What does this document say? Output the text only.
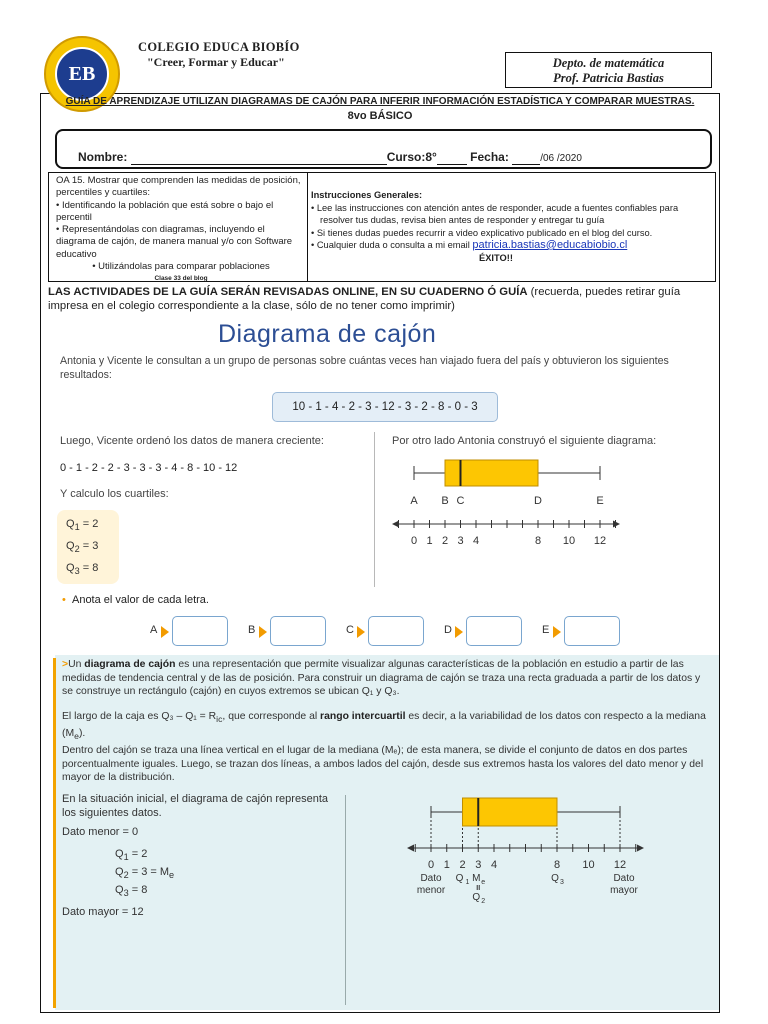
EB
COLEGIO EDUCA BIOBÍO
"Creer, Formar y Educar"	Depto. de matemática
Prof. Patricia Bastias
GUÍA DE APRENDIZAJE UTILIZAN DIAGRAMAS DE CAJÓN PARA INFERIR INFORMACIÓN ESTADÍSTICA Y COMPARAR MUESTRAS.
8vo BÁSICO
Nombre:	Curso:8°	Fecha:	/06 /2020
OA 15. Mostrar que comprenden las medidas de posición, percentiles y cuartiles:
• Identificando la población que está sobre o bajo el percentil
• Representándolas con diagramas, incluyendo el diagrama de cajón, de manera manual y/o con Software educativo
• Utilizándolas para comparar poblaciones
Clase 33 del blog
Instrucciones Generales:
• Lee las instrucciones con atención antes de responder, acude a fuentes confiables para resolver tus dudas, revisa bien antes de responder y entregar tu guía
• Si tienes dudas puedes recurrir a video explicativo publicado en el blog del curso.
• Cualquier duda o consulta a mi email patricia.bastias@educabiobio.cl
ÉXITO!!
LAS ACTIVIDADES DE LA GUÍA SERÁN REVISADAS ONLINE, EN SU CUADERNO Ó GUÍA (recuerda, puedes retirar guía impresa en el colegio correspondiente a la clase, sólo de no tener como imprimir)
Diagrama de cajón
Antonia y Vicente le consultan a un grupo de personas sobre cuántas veces han viajado fuera del país y obtuvieron los siguientes resultados:
10 - 1 - 4 - 2 - 3 - 12 - 3 - 2 - 8 - 0 - 3
Luego, Vicente ordenó los datos de manera creciente:
0 - 1 - 2 - 2 - 3 - 3 - 3 - 4 - 8 - 10 - 12
Y calculo los cuartiles:
$Q_1 = 2$
$Q_2 = 3$
$Q_3 = 8$
Por otro lado Antonia construyó el siguiente diagrama:
A B C	D	E
0 1 2 3 4	8 10 12
• Anota el valor de cada letra.
A	B	C	D	E
>Un diagrama de cajón es una representación que permite visualizar algunas características de la población en estudio a partir de las medidas de tendencia central y de las de posición. Para construir un diagrama de cajón se traza una recta graduada a partir de los datos y se construye un rectángulo (cajón) en cuyos extremos se ubican Q₁ y Q₃.
El largo de la caja es $Q_3 - Q_1 = R_{ic}$, que corresponde al rango intercuartil es decir, a la variabilidad de los datos con respecto a la mediana $(M_e)$.
Dentro del cajón se traza una línea vertical en el lugar de la mediana (Mₑ); de esta manera, se divide el conjunto de datos en dos partes porcentualmente iguales. Luego, se trazan dos líneas, a ambos lados del cajón, desde sus extremos hasta los valores del dato menor y del mayor de la distribución.
En la situación inicial, el diagrama de cajón representa los siguientes datos.
Dato menor = 0
$Q_1 = 2$
$Q_2 = 3 = M_e$
$Q_3 = 8$
Dato mayor = 12
0 1 2 3 4	8 10 12
Dato
menor
Q 1 M e
II
Q 2
Q 3	Dato
mayor
